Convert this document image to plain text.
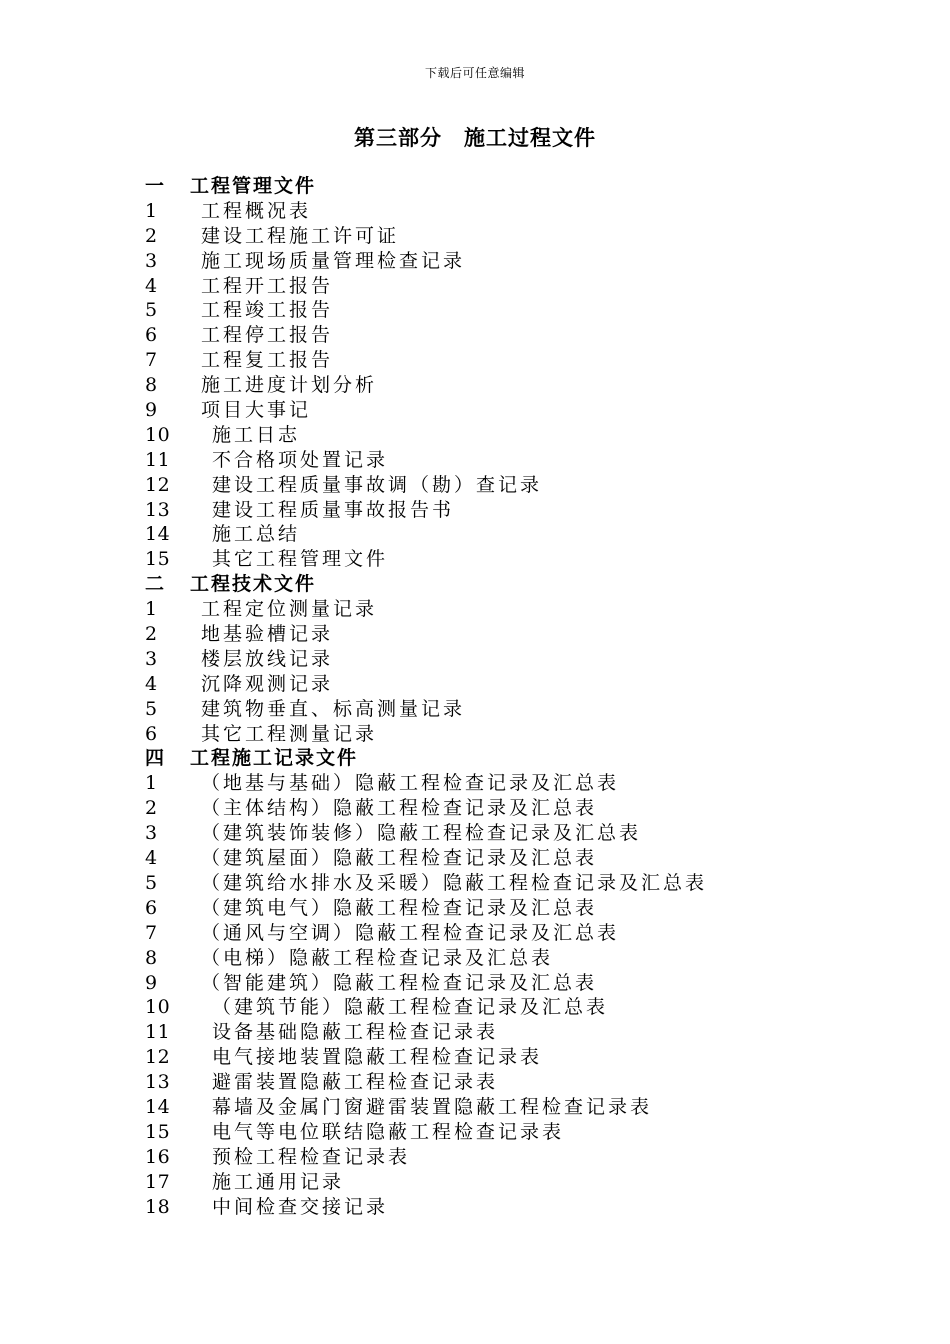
下载后可任意编辑
第三部分 施工过程文件
一 工程管理文件
1 工程概况表
2 建设工程施工许可证
3 施工现场质量管理检查记录
4 工程开工报告
5 工程竣工报告
6 工程停工报告
7 工程复工报告
8 施工进度计划分析
9 项目大事记
10 施工日志
11 不合格项处置记录
12 建设工程质量事故调（勘）查记录
13 建设工程质量事故报告书
14 施工总结
15 其它工程管理文件
二 工程技术文件
1 工程定位测量记录
2 地基验槽记录
3 楼层放线记录
4 沉降观测记录
5 建筑物垂直、标高测量记录
6 其它工程测量记录
四 工程施工记录文件
1 （地基与基础）隐蔽工程检查记录及汇总表
2 （主体结构）隐蔽工程检查记录及汇总表
3 （建筑装饰装修）隐蔽工程检查记录及汇总表
4 （建筑屋面）隐蔽工程检查记录及汇总表
5 （建筑给水排水及采暖）隐蔽工程检查记录及汇总表
6 （建筑电气）隐蔽工程检查记录及汇总表
7 （通风与空调）隐蔽工程检查记录及汇总表
8 （电梯）隐蔽工程检查记录及汇总表
9 （智能建筑）隐蔽工程检查记录及汇总表
10 （建筑节能）隐蔽工程检查记录及汇总表
11 设备基础隐蔽工程检查记录表
12 电气接地装置隐蔽工程检查记录表
13 避雷装置隐蔽工程检查记录表
14 幕墙及金属门窗避雷装置隐蔽工程检查记录表
15 电气等电位联结隐蔽工程检查记录表
16 预检工程检查记录表
17 施工通用记录
18 中间检查交接记录
